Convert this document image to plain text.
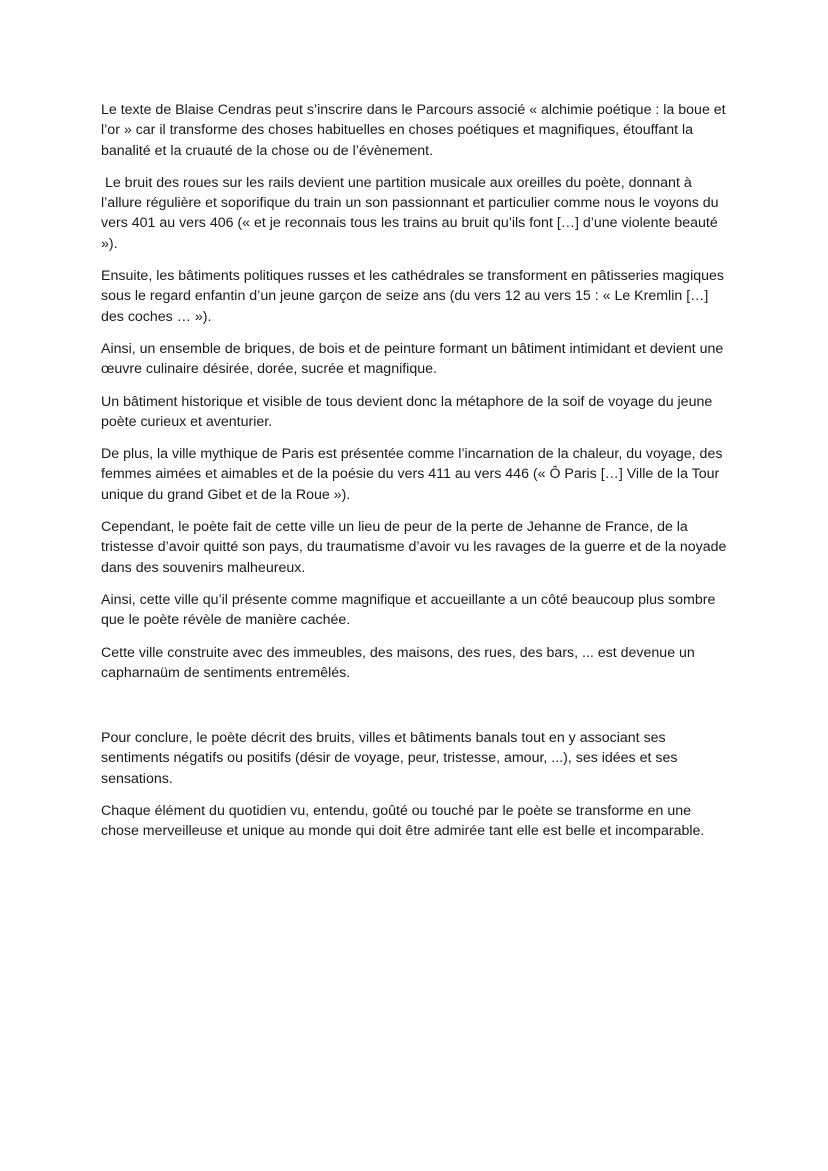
Le texte de Blaise Cendras peut s’inscrire dans le Parcours associé « alchimie poétique : la boue et l’or » car il transforme des choses habituelles en choses poétiques et magnifiques, étouffant la banalité et la cruauté de la chose ou de l’évènement.

Le bruit des roues sur les rails devient une partition musicale aux oreilles du poète, donnant à l’allure régulière et soporifique du train un son passionnant et particulier comme nous le voyons du vers 401 au vers 406 (« et je reconnais tous les trains au bruit qu’ils font […] d’une violente beauté »).

Ensuite, les bâtiments politiques russes et les cathédrales se transforment en pâtisseries magiques sous le regard enfantin d’un jeune garçon de seize ans (du vers 12 au vers 15 : « Le Kremlin […] des coches … »).

Ainsi, un ensemble de briques, de bois et de peinture formant un bâtiment intimidant et devient une œuvre culinaire désirée, dorée, sucrée et magnifique.

Un bâtiment historique et visible de tous devient donc la métaphore de la soif de voyage du jeune poète curieux et aventurier.

De plus, la ville mythique de Paris est présentée comme l’incarnation de la chaleur, du voyage, des femmes aimées et aimables et de la poésie du vers 411 au vers 446 (« Ô Paris […] Ville de la Tour unique du grand Gibet et de la Roue »).

Cependant, le poète fait de cette ville un lieu de peur de la perte de Jehanne de France, de la tristesse d’avoir quitté son pays, du traumatisme d’avoir vu les ravages de la guerre et de la noyade dans des souvenirs malheureux.

Ainsi, cette ville qu’il présente comme magnifique et accueillante a un côté beaucoup plus sombre que le poète révèle de manière cachée.

Cette ville construite avec des immeubles, des maisons, des rues, des bars, ... est devenue un capharnaüm de sentiments entremêlés.

Pour conclure, le poète décrit des bruits, villes et bâtiments banals tout en y associant ses sentiments négatifs ou positifs (désir de voyage, peur, tristesse, amour, ...), ses idées et ses sensations.

Chaque élément du quotidien vu, entendu, goûté ou touché par le poète se transforme en une chose merveilleuse et unique au monde qui doit être admirée tant elle est belle et incomparable.
